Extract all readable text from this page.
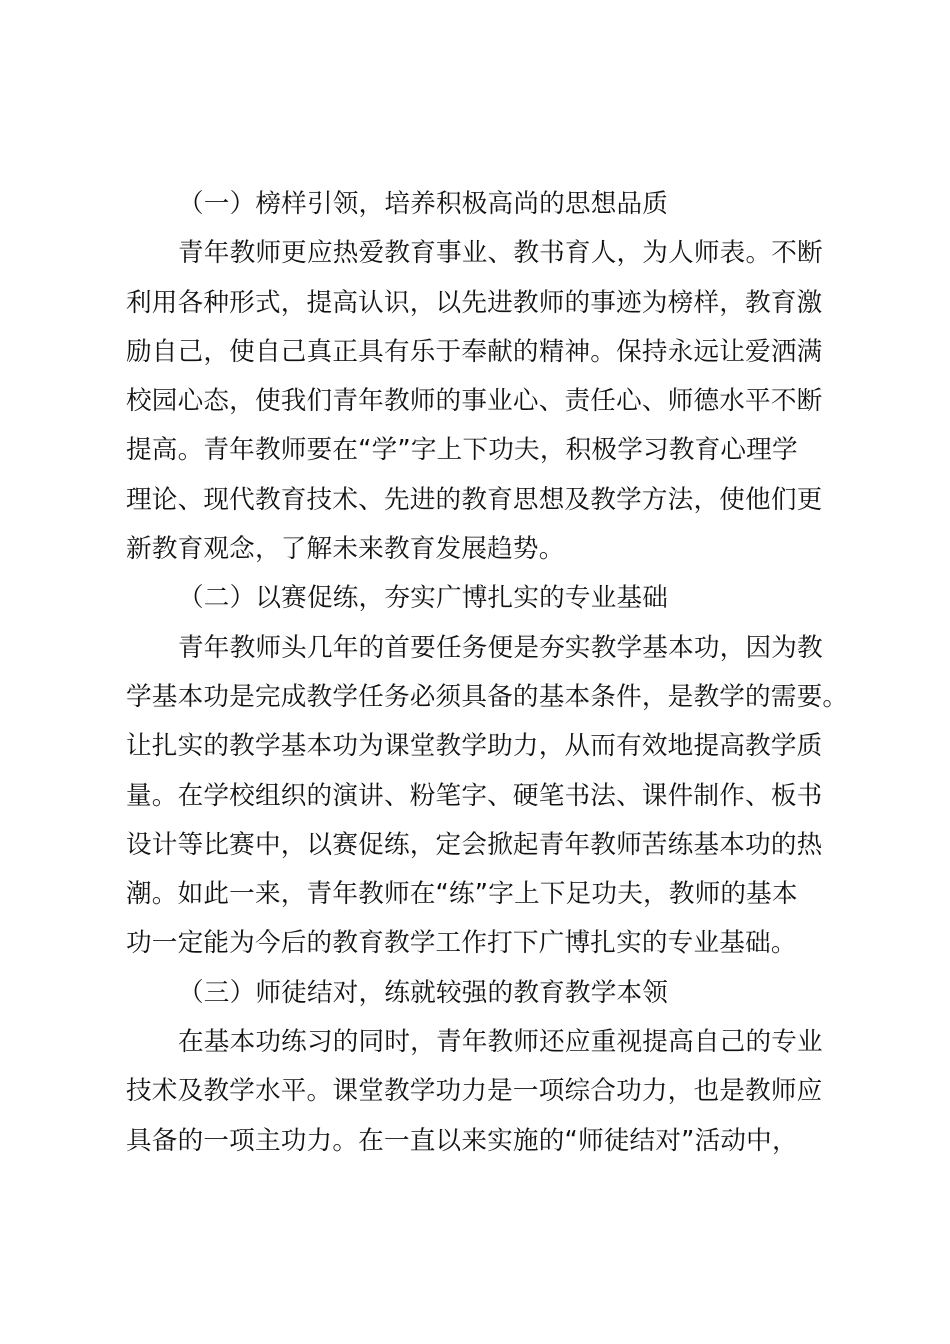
（一）榜样引领，培养积极高尚的思想品质
青年教师更应热爱教育事业、教书育人，为人师表。不断
利用各种形式，提高认识，以先进教师的事迹为榜样，教育激
励自己，使自己真正具有乐于奉献的精神。保持永远让爱洒满
校园心态，使我们青年教师的事业心、责任心、师德水平不断
提高。青年教师要在“学”字上下功夫，积极学习教育心理学
理论、现代教育技术、先进的教育思想及教学方法，使他们更
新教育观念，了解未来教育发展趋势。
（二）以赛促练，夯实广博扎实的专业基础
青年教师头几年的首要任务便是夯实教学基本功，因为教
学基本功是完成教学任务必须具备的基本条件，是教学的需要。
让扎实的教学基本功为课堂教学助力，从而有效地提高教学质
量。在学校组织的演讲、粉笔字、硬笔书法、课件制作、板书
设计等比赛中，以赛促练，定会掀起青年教师苦练基本功的热
潮。如此一来，青年教师在“练”字上下足功夫，教师的基本
功一定能为今后的教育教学工作打下广博扎实的专业基础。
（三）师徒结对，练就较强的教育教学本领
在基本功练习的同时，青年教师还应重视提高自己的专业
技术及教学水平。课堂教学功力是一项综合功力，也是教师应
具备的一项主功力。在一直以来实施的“师徒结对”活动中，
